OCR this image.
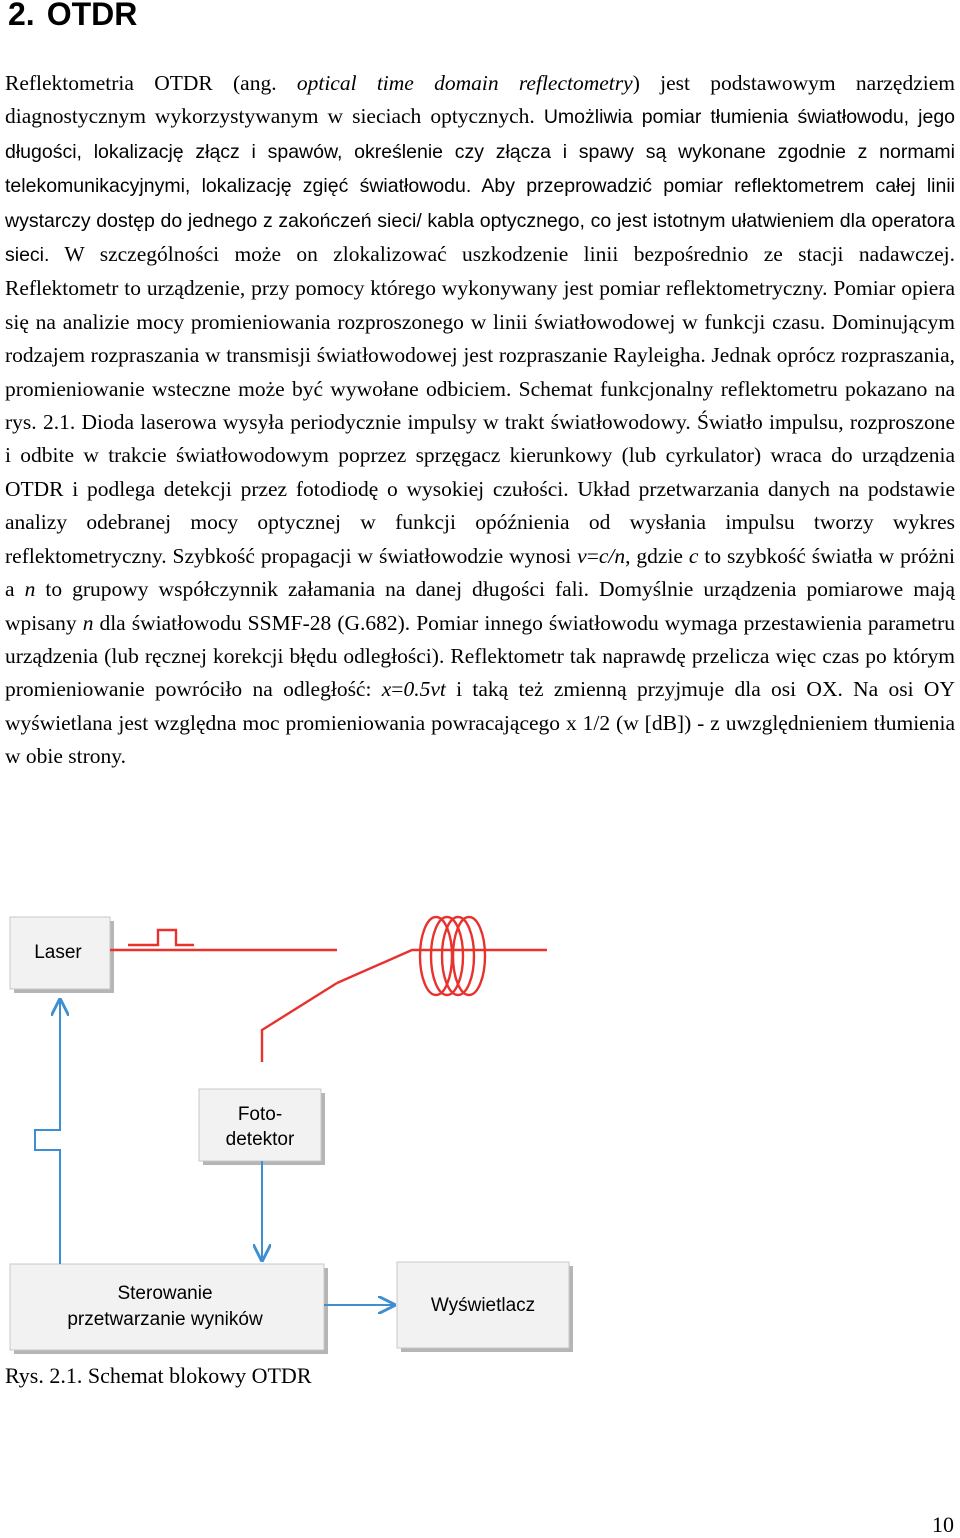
2. OTDR

Reflektometria OTDR (ang. optical time domain reflectometry) jest podstawowym narzędziem diagnostycznym wykorzystywanym w sieciach optycznych. Umożliwia pomiar tłumienia światłowodu, jego długości, lokalizację złącz i spawów, określenie czy złącza i spawy są wykonane zgodnie z normami telekomunikacyjnymi, lokalizację zgięć światłowodu. Aby przeprowadzić pomiar reflektometrem całej linii wystarczy dostęp do jednego z zakończeń sieci/ kabla optycznego, co jest istotnym ułatwieniem dla operatora sieci. W szczególności może on zlokalizować uszkodzenie linii bezpośrednio ze stacji nadawczej. Reflektometr to urządzenie, przy pomocy którego wykonywany jest pomiar reflektometryczny. Pomiar opiera się na analizie mocy promieniowania rozproszonego w linii światłowodowej w funkcji czasu. Dominującym rodzajem rozpraszania w transmisji światłowodowej jest rozpraszanie Rayleigha. Jednak oprócz rozpraszania, promieniowanie wsteczne może być wywołane odbiciem. Schemat funkcjonalny reflektometru pokazano na rys. 2.1. Dioda laserowa wysyła periodycznie impulsy w trakt światłowodowy. Światło impulsu, rozproszone i odbite w trakcie światłowodowym poprzez sprzęgacz kierunkowy (lub cyrkulator) wraca do urządzenia OTDR i podlega detekcji przez fotodiodę o wysokiej czułości. Układ przetwarzania danych na podstawie analizy odebranej mocy optycznej w funkcji opóźnienia od wysłania impulsu tworzy wykres reflektometryczny. Szybkość propagacji w światłowodzie wynosi v=c/n, gdzie c to szybkość światła w próżni a n to grupowy współczynnik załamania na danej długości fali. Domyślnie urządzenia pomiarowe mają wpisany n dla światłowodu SSMF-28 (G.682). Pomiar innego światłowodu wymaga przestawienia parametru urządzenia (lub ręcznej korekcji błędu odległości). Reflektometr tak naprawdę przelicza więc czas po którym promieniowanie powróciło na odległość: x=0.5vt i taką też zmienną przyjmuje dla osi OX. Na osi OY wyświetlana jest względna moc promieniowania powracającego x 1/2 (w [dB]) - z uwzględnieniem tłumienia w obie strony.

Laser
Foto-
detektor
Sterowanie
przetwarzanie wyników
Wyświetlacz
Rys. 2.1. Schemat blokowy OTDR
10
